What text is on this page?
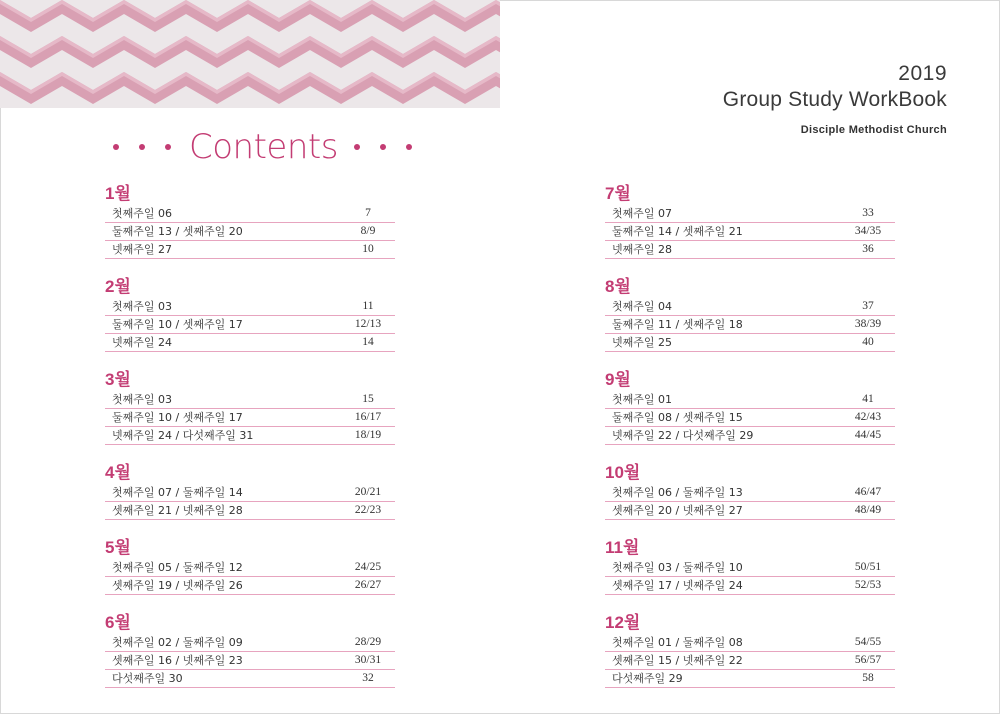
2019
Group Study WorkBook
Disciple Methodist Church
Contents
1월
첫째주일 06	7
둘째주일 13 / 셋째주일 20	8/9
넷째주일 27	10
2월
첫째주일 03	11
둘째주일 10 / 셋째주일 17	12/13
넷째주일 24	14
3월
첫째주일 03	15
둘째주일 10 / 셋째주일 17	16/17
넷째주일 24 / 다섯째주일 31	18/19
4월
첫째주일 07 / 둘째주일 14	20/21
셋째주일 21 / 넷째주일 28	22/23
5월
첫째주일 05 / 둘째주일 12	24/25
셋째주일 19 / 넷째주일 26	26/27
6월
첫째주일 02 / 둘째주일 09	28/29
셋째주일 16 / 넷째주일 23	30/31
다섯째주일 30	32
7월
첫째주일 07	33
둘째주일 14 / 셋째주일 21	34/35
넷째주일 28	36
8월
첫째주일 04	37
둘째주일 11 / 셋째주일 18	38/39
넷째주일 25	40
9월
첫째주일 01	41
둘째주일 08 / 셋째주일 15	42/43
넷째주일 22 / 다섯째주일 29	44/45
10월
첫째주일 06 / 둘째주일 13	46/47
셋째주일 20 / 넷째주일 27	48/49
11월
첫째주일 03 / 둘째주일 10	50/51
셋째주일 17 / 넷째주일 24	52/53
12월
첫째주일 01 / 둘째주일 08	54/55
셋째주일 15 / 넷째주일 22	56/57
다섯째주일 29	58
